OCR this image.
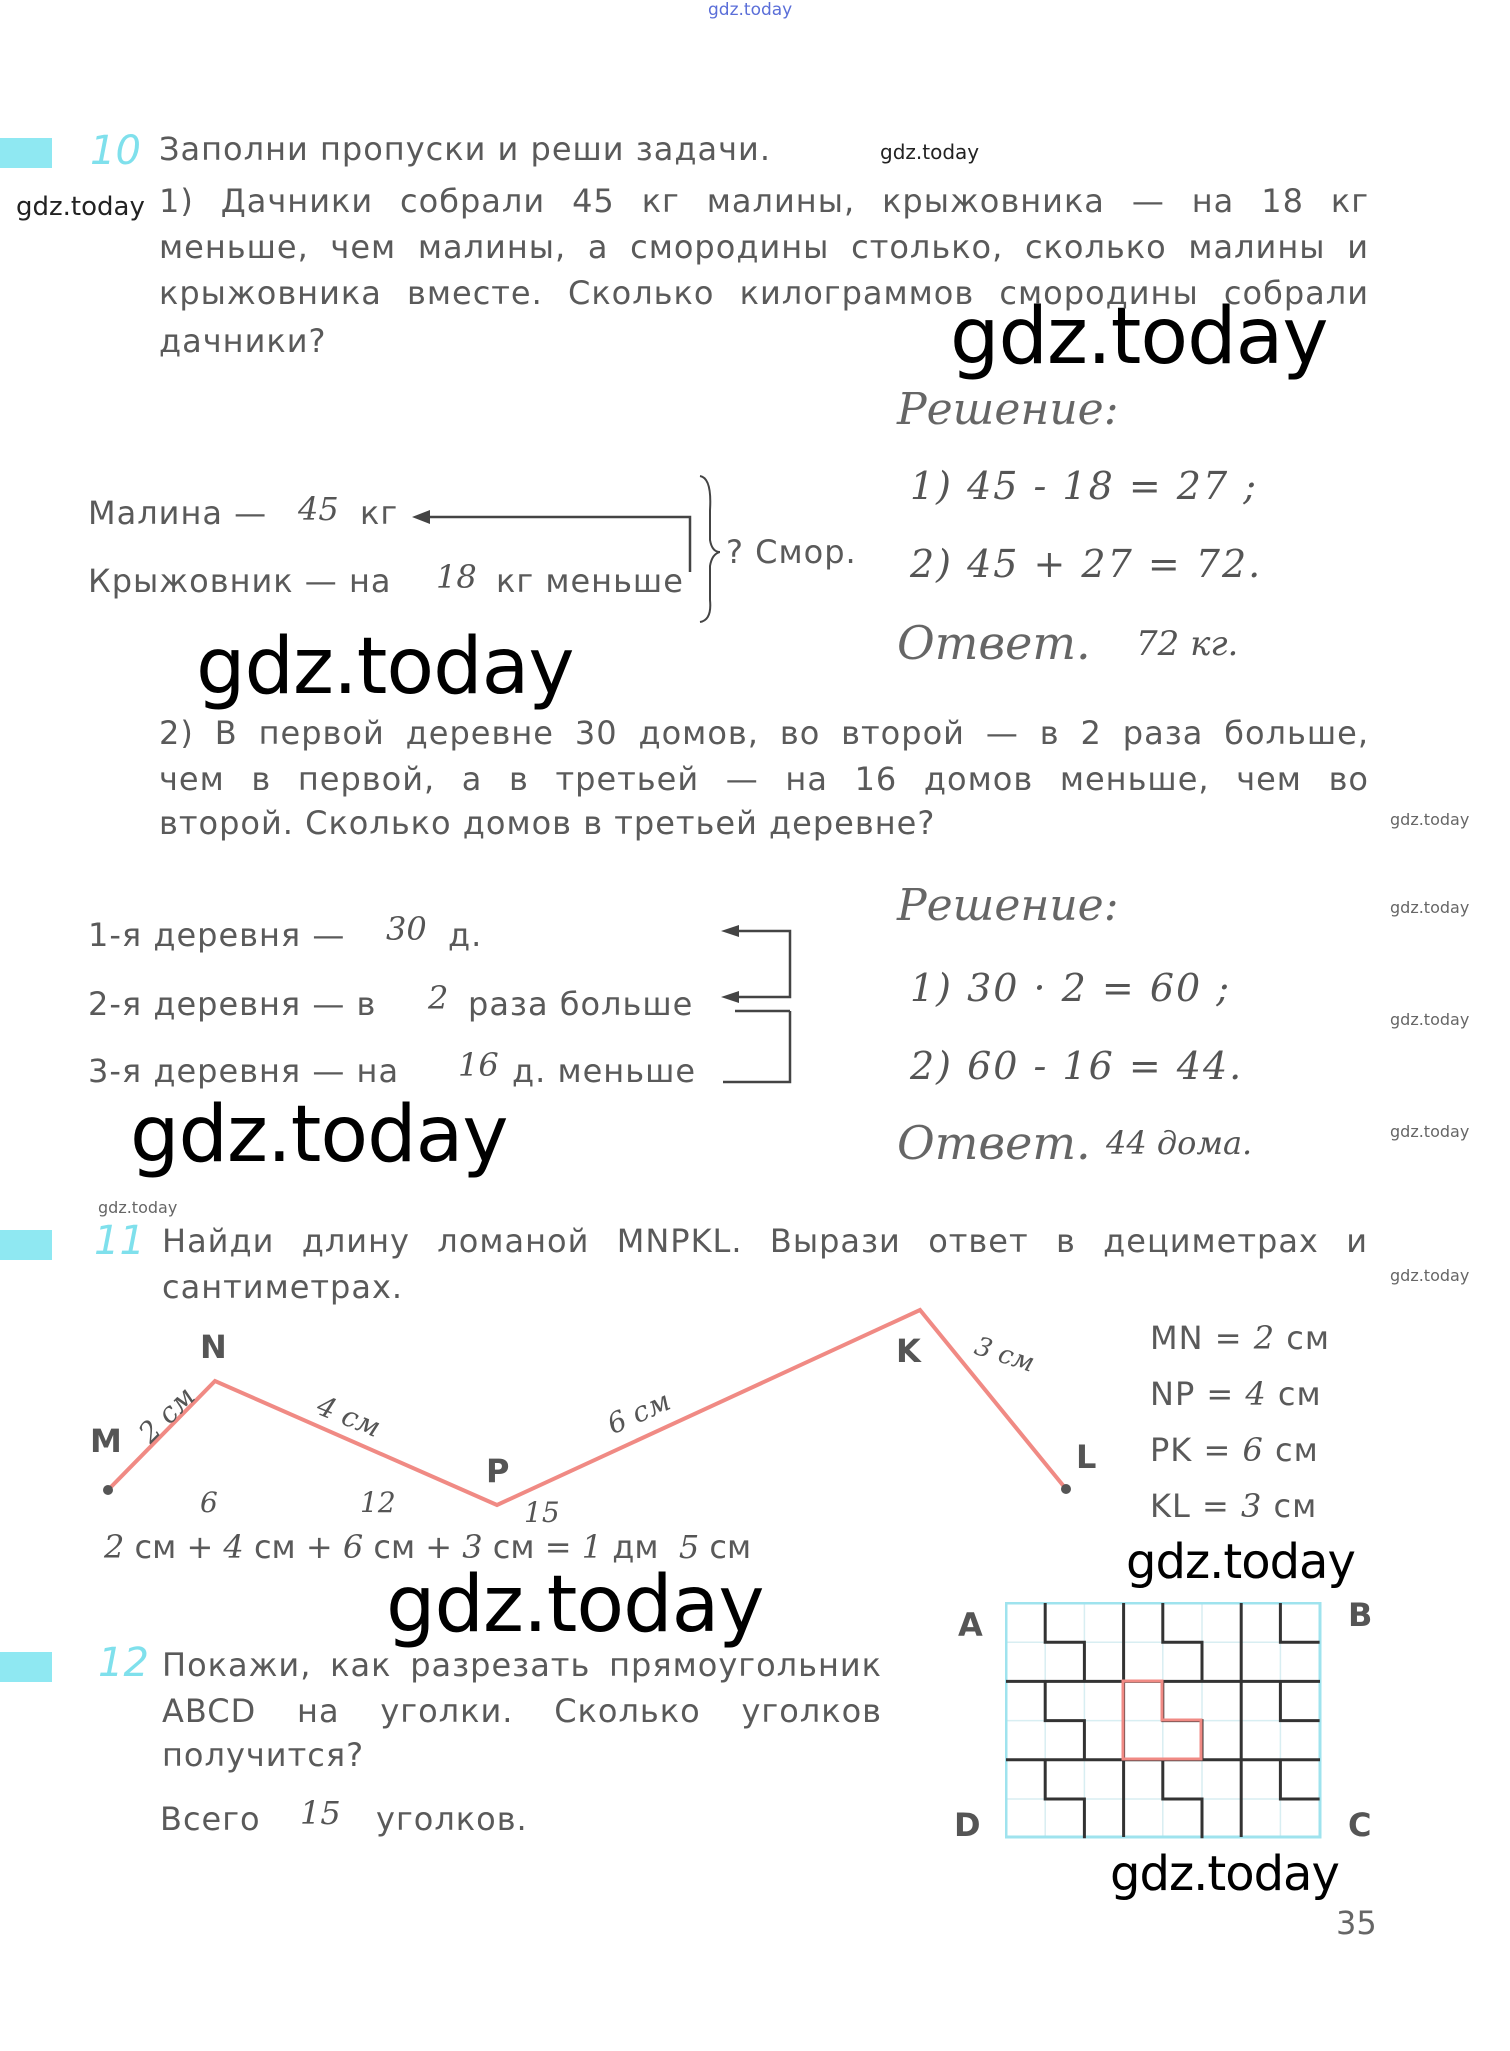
gdz.today
gdz.today
gdz.today
gdz.today
gdz.today
gdz.today
gdz.today
gdz.today
gdz.today
gdz.today
gdz.today
gdz.today
gdz.today
gdz.today
gdz.today
10 Заполни пропуски и реши задачи.
1) Дачники собрали 45 кг малины, крыжовника — на 18 кг
меньше, чем малины, а смородины столько, сколько малины и
крыжовника вместе. Сколько килограммов смородины собрали
дачники?
Малина — 45 кг
Крыжовник — на 18 кг меньше
? Смор.
Решение:
1) 45 - 18 = 27 ;
2) 45 + 27 = 72.
Ответ. 72 кг.
2) В первой деревне 30 домов, во второй — в 2 раза больше,
чем в первой, а в третьей — на 16 домов меньше, чем во
второй. Сколько домов в третьей деревне?
1-я деревня — 30 д.
2-я деревня — в 2 раза больше
3-я деревня — на 16 д. меньше
Решение:
1) 30 · 2 = 60 ;
2) 60 - 16 = 44.
Ответ. 44 дома.
11 Найди длину ломаной MNPKL. Вырази ответ в дециметрах и
сантиметрах.
M
N
P
K
L
2 см	4 см	6 см
3 см
6	12	15
2 см + 4 см + 6 см + 3 см = 1 дм 5 см
MN = 2 см
NP = 4 см
PK = 6 см
KL = 3 см
12 Покажи, как разрезать прямоугольник
ABCD на уголки. Сколько уголков
получится?
Всего 15 уголков.
A	B
D	C
35
